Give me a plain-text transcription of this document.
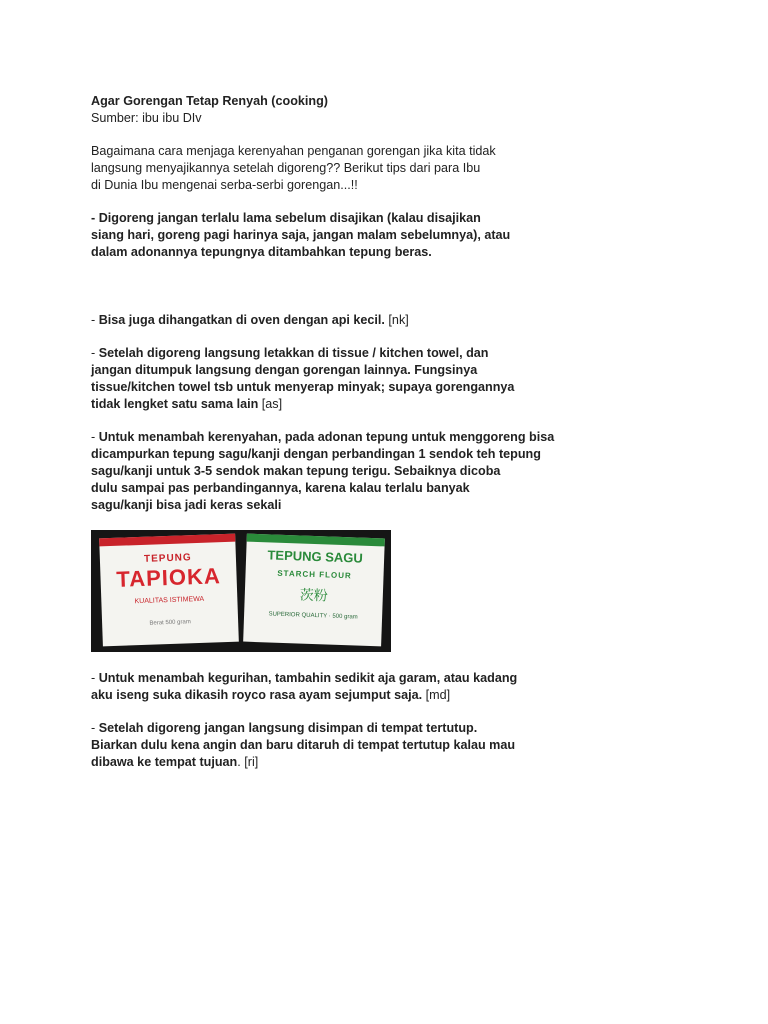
Agar Gorengan Tetap Renyah (cooking)

Sumber: ibu ibu DIv

Bagaimana cara menjaga kerenyahan penganan gorengan jika kita tidak

langsung menyajikannya setelah digoreng?? Berikut tips dari para Ibu

di Dunia Ibu mengenai serba-serbi gorengan...!!

- Digoreng jangan terlalu lama sebelum disajikan (kalau disajikan

siang hari, goreng pagi harinya saja, jangan malam sebelumnya), atau

dalam adonannya tepungnya ditambahkan tepung beras.

- Bisa juga dihangatkan di oven dengan api kecil. [nk]

- Setelah digoreng langsung letakkan di tissue / kitchen towel, dan

jangan ditumpuk langsung dengan gorengan lainnya. Fungsinya

tissue/kitchen towel tsb untuk menyerap minyak; supaya gorengannya

tidak lengket satu sama lain [as]

- Untuk menambah kerenyahan, pada adonan tepung untuk menggoreng bisa

dicampurkan tepung sagu/kanji dengan perbandingan 1 sendok teh tepung

sagu/kanji untuk 3-5 sendok makan tepung terigu. Sebaiknya dicoba

dulu sampai pas perbandingannya, karena kalau terlalu banyak

sagu/kanji bisa jadi keras sekali

TEPUNG
TAPIOKA
KUALITAS ISTIMEWA
Berat 500 gram
TEPUNG SAGU
STARCH FLOUR
茨粉
SUPERIOR QUALITY · 500 gram

- Untuk menambah kegurihan, tambahin sedikit aja garam, atau kadang

aku iseng suka dikasih royco rasa ayam sejumput saja. [md]

- Setelah digoreng jangan langsung disimpan di tempat tertutup.

Biarkan dulu kena angin dan baru ditaruh di tempat tertutup kalau mau

dibawa ke tempat tujuan. [ri]
